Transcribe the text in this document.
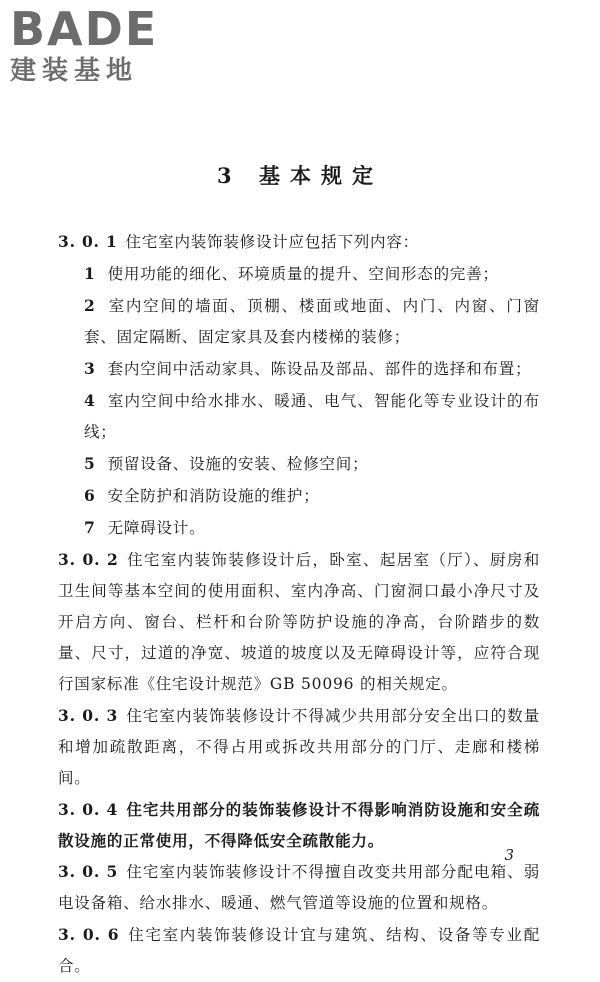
BADE
建装基地
3 基本规定

3. 0. 1 住宅室内装饰装修设计应包括下列内容：

1 使用功能的细化、环境质量的提升、空间形态的完善；

2 室内空间的墙面、顶棚、楼面或地面、内门、内窗、门窗套、固定隔断、固定家具及套内楼梯的装修；

3 套内空间中活动家具、陈设品及部品、部件的选择和布置；

4 室内空间中给水排水、暖通、电气、智能化等专业设计的布线；

5 预留设备、设施的安装、检修空间；

6 安全防护和消防设施的维护；

7 无障碍设计。

3. 0. 2 住宅室内装饰装修设计后，卧室、起居室（厅）、厨房和卫生间等基本空间的使用面积、室内净高、门窗洞口最小净尺寸及开启方向、窗台、栏杆和台阶等防护设施的净高，台阶踏步的数量、尺寸，过道的净宽、坡道的坡度以及无障碍设计等，应符合现行国家标准《住宅设计规范》GB 50096 的相关规定。

3. 0. 3 住宅室内装饰装修设计不得减少共用部分安全出口的数量和增加疏散距离，不得占用或拆改共用部分的门厅、走廊和楼梯间。

3. 0. 4 住宅共用部分的装饰装修设计不得影响消防设施和安全疏散设施的正常使用，不得降低安全疏散能力。

3. 0. 5 住宅室内装饰装修设计不得擅自改变共用部分配电箱、弱电设备箱、给水排水、暖通、燃气管道等设施的位置和规格。

3. 0. 6 住宅室内装饰装修设计宜与建筑、结构、设备等专业配合。

3
